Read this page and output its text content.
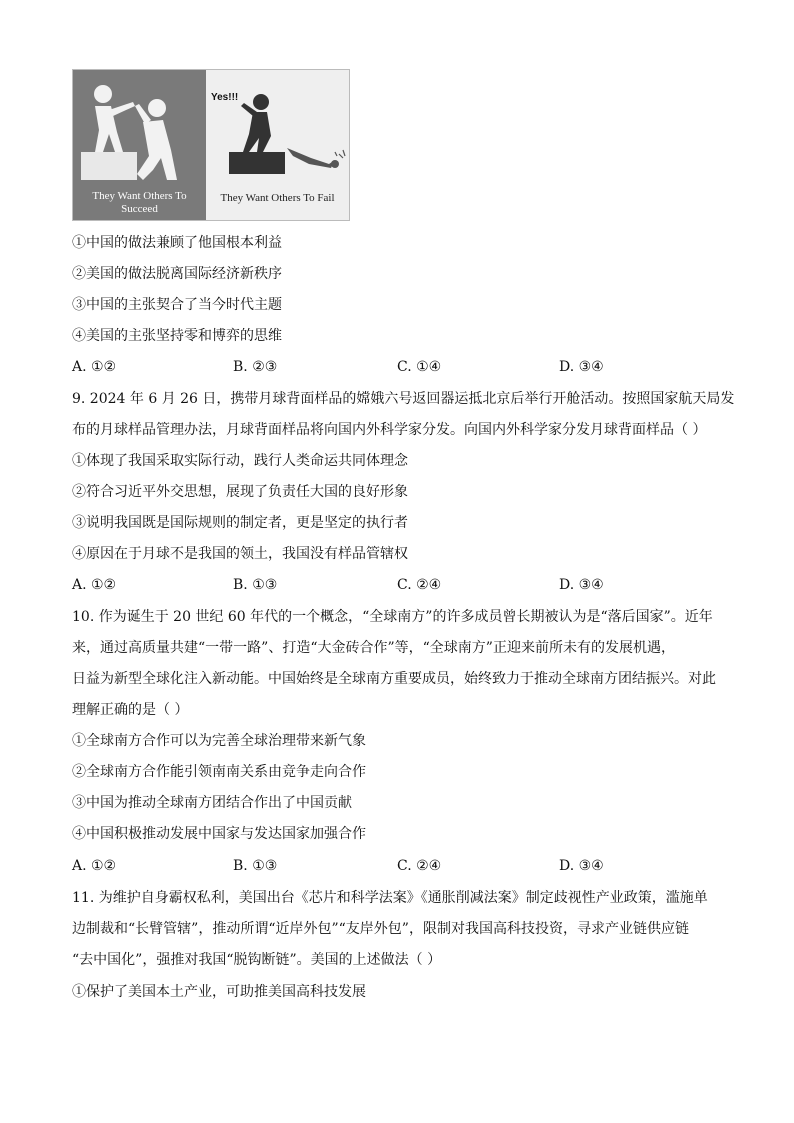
Yes!!!
They Want Others To Succeed
They Want Others To Fail
①中国的做法兼顾了他国根本利益
②美国的做法脱离国际经济新秩序
③中国的主张契合了当今时代主题
④美国的主张坚持零和博弈的思维
A. ①②	B. ②③	C. ①④	D. ③④
9. 2024 年 6 月 26 日，携带月球背面样品的嫦娥六号返回器运抵北京后举行开舱活动。按照国家航天局发
布的月球样品管理办法，月球背面样品将向国内外科学家分发。向国内外科学家分发月球背面样品（ ）
①体现了我国采取实际行动，践行人类命运共同体理念
②符合习近平外交思想，展现了负责任大国的良好形象
③说明我国既是国际规则的制定者，更是坚定的执行者
④原因在于月球不是我国的领土，我国没有样品管辖权
A. ①②	B. ①③	C. ②④	D. ③④
10. 作为诞生于 20 世纪 60 年代的一个概念，“全球南方”的许多成员曾长期被认为是“落后国家”。近年
来，通过高质量共建“一带一路”、打造“大金砖合作”等，“全球南方”正迎来前所未有的发展机遇，
日益为新型全球化注入新动能。中国始终是全球南方重要成员，始终致力于推动全球南方团结振兴。对此
理解正确的是（ ）
①全球南方合作可以为完善全球治理带来新气象
②全球南方合作能引领南南关系由竞争走向合作
③中国为推动全球南方团结合作出了中国贡献
④中国积极推动发展中国家与发达国家加强合作
A. ①②	B. ①③	C. ②④	D. ③④
11. 为维护自身霸权私利，美国出台《芯片和科学法案》《通胀削减法案》制定歧视性产业政策，滥施单
边制裁和“长臂管辖”，推动所谓“近岸外包”“友岸外包”，限制对我国高科技投资，寻求产业链供应链
“去中国化”，强推对我国“脱钩断链”。美国的上述做法（ ）
①保护了美国本土产业，可助推美国高科技发展
